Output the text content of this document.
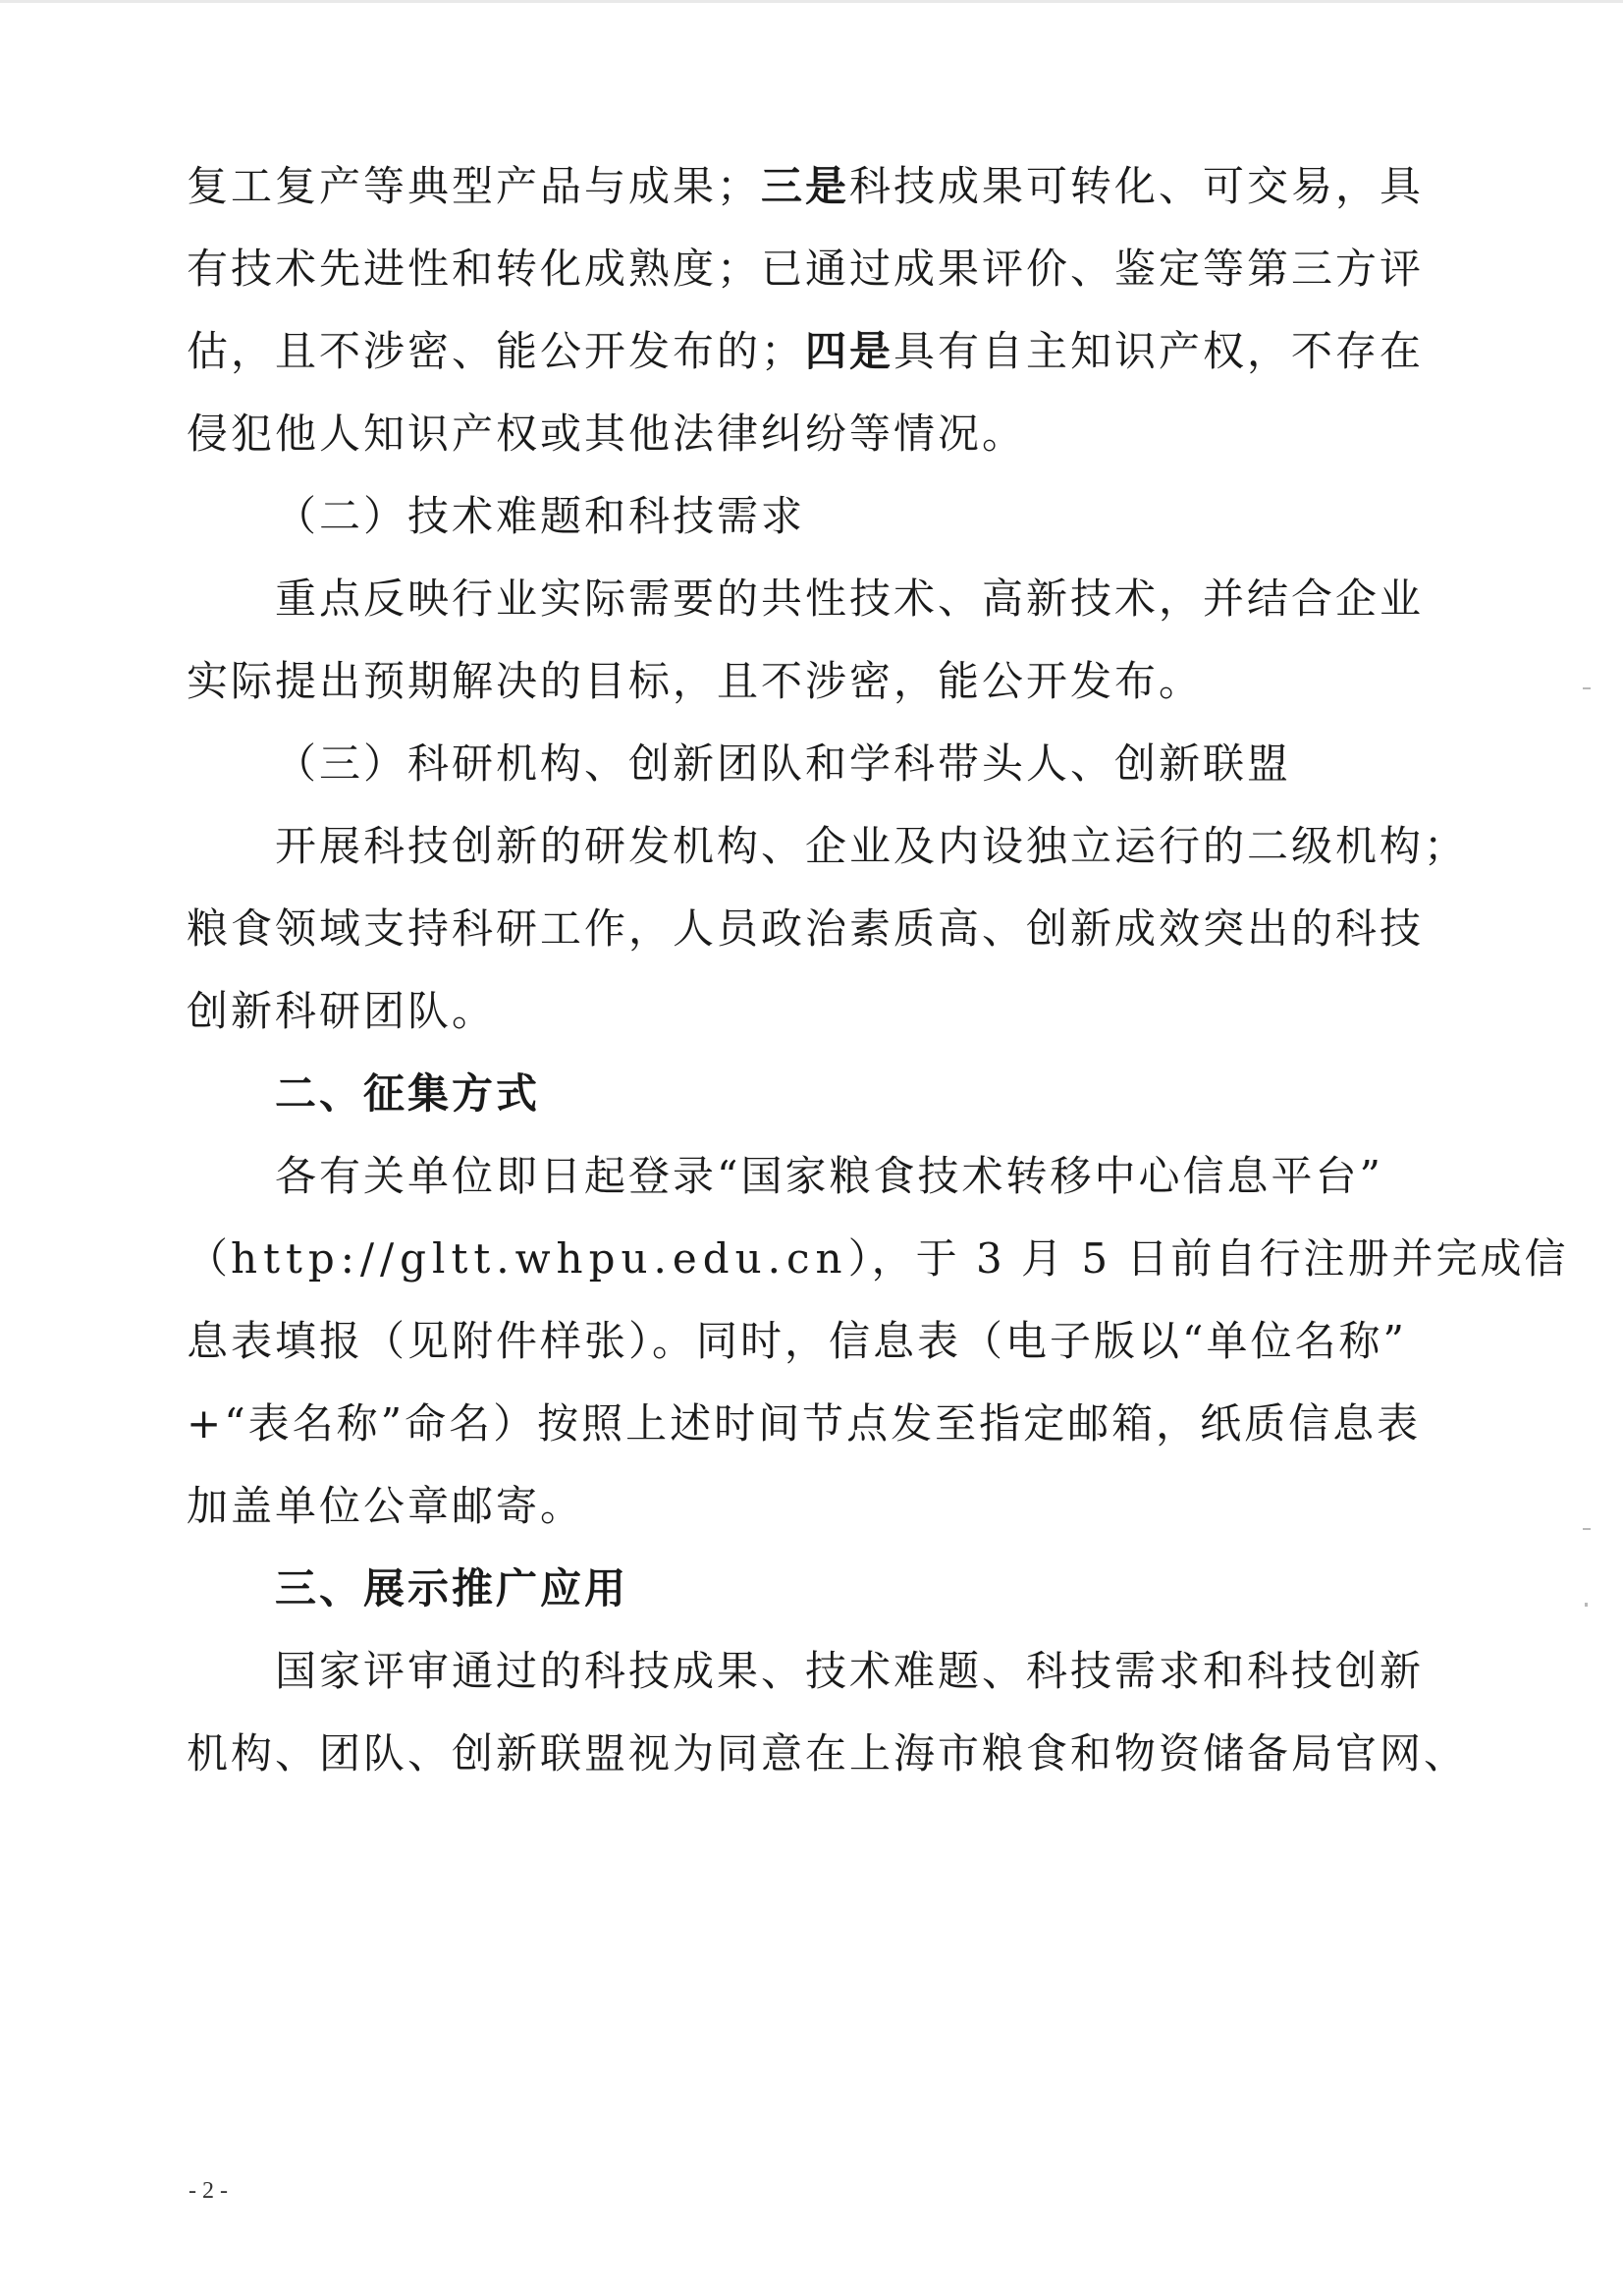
复工复产等典型产品与成果；三是科技成果可转化、可交易，具
有技术先进性和转化成熟度；已通过成果评价、鉴定等第三方评
估，且不涉密、能公开发布的；四是具有自主知识产权，不存在
侵犯他人知识产权或其他法律纠纷等情况。
（二）技术难题和科技需求
重点反映行业实际需要的共性技术、高新技术，并结合企业
实际提出预期解决的目标，且不涉密，能公开发布。
（三）科研机构、创新团队和学科带头人、创新联盟
开展科技创新的研发机构、企业及内设独立运行的二级机构；
粮食领域支持科研工作，人员政治素质高、创新成效突出的科技
创新科研团队。
二、征集方式
各有关单位即日起登录“国家粮食技术转移中心信息平台”
（http://gltt.whpu.edu.cn），于 3 月 5 日前自行注册并完成信
息表填报（见附件样张）。同时，信息表（电子版以“单位名称”
+“表名称”命名）按照上述时间节点发至指定邮箱，纸质信息表
加盖单位公章邮寄。
三、展示推广应用
国家评审通过的科技成果、技术难题、科技需求和科技创新
机构、团队、创新联盟视为同意在上海市粮食和物资储备局官网、
- 2 -
